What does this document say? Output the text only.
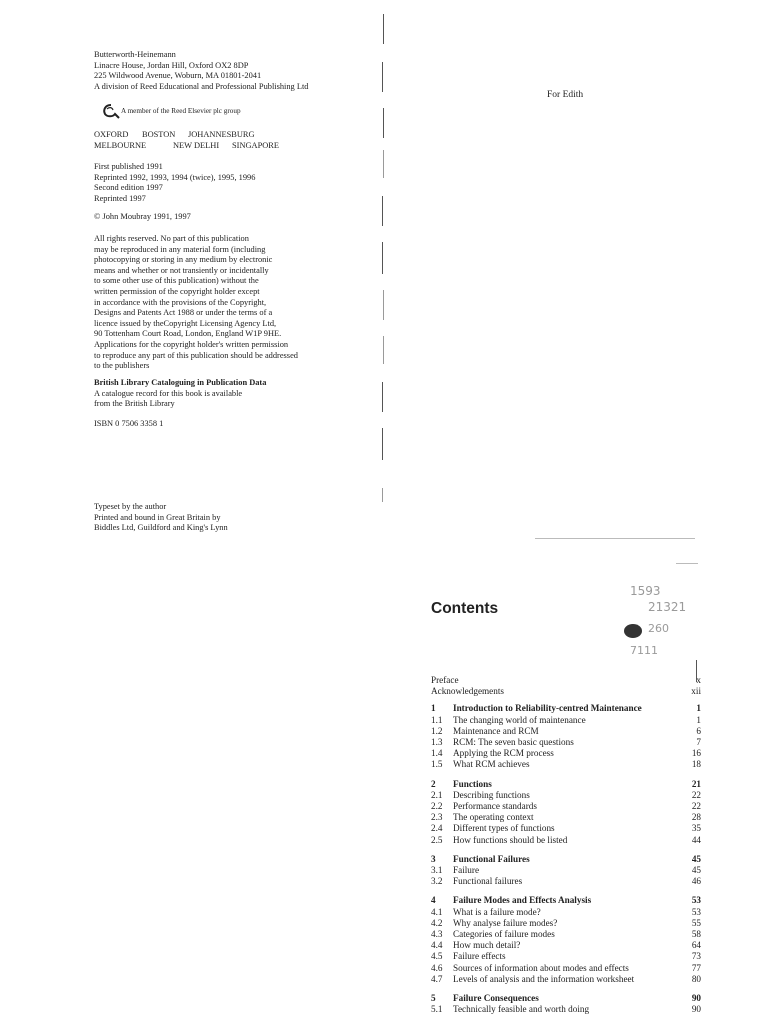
Butterworth-Heinemann
Linacre House, Jordan Hill, Oxford OX2 8DP
225 Wildwood Avenue, Woburn, MA 01801-2041
A division of Reed Educational and Professional Publishing Ltd
A member of the Reed Elsevier plc group
OXFORD	BOSTON	JOHANNESBURG
MELBOURNE	NEW DELHI	SINGAPORE
First published 1991
Reprinted 1992, 1993, 1994 (twice), 1995, 1996
Second edition 1997
Reprinted 1997
© John Moubray 1991, 1997
All rights reserved. No part of this publication
may be reproduced in any material form (including
photocopying or storing in any medium by electronic
means and whether or not transiently or incidentally
to some other use of this publication) without the
written permission of the copyright holder except
in accordance with the provisions of the Copyright,
Designs and Patents Act 1988 or under the terms of a
licence issued by theCopyright Licensing Agency Ltd,
90 Tottenham Court Road, London, England W1P 9HE.
Applications for the copyright holder's written permission
to reproduce any part of this publication should be addressed
to the publishers
British Library Cataloguing in Publication Data
A catalogue record for this book is available
from the British Library
ISBN 0 7506 3358 1
Typeset by the author
Printed and bound in Great Britain by
Biddles Ltd, Guildford and King's Lynn
For Edith
Contents
1593
21321
260
7111
Preface	x
Acknowledgements	xii
1	Introduction to Reliability-centred Maintenance	1
1.1	The changing world of maintenance	1
1.2	Maintenance and RCM	6
1.3	RCM: The seven basic questions	7
1.4	Applying the RCM process	16
1.5	What RCM achieves	18
2	Functions	21
2.1	Describing functions	22
2.2	Performance standards	22
2.3	The operating context	28
2.4	Different types of functions	35
2.5	How functions should be listed	44
3	Functional Failures	45
3.1	Failure	45
3.2	Functional failures	46
4	Failure Modes and Effects Analysis	53
4.1	What is a failure mode?	53
4.2	Why analyse failure modes?	55
4.3	Categories of failure modes	58
4.4	How much detail?	64
4.5	Failure effects	73
4.6	Sources of information about modes and effects	77
4.7	Levels of analysis and the information worksheet	80
5	Failure Consequences	90
5.1	Technically feasible and worth doing	90
